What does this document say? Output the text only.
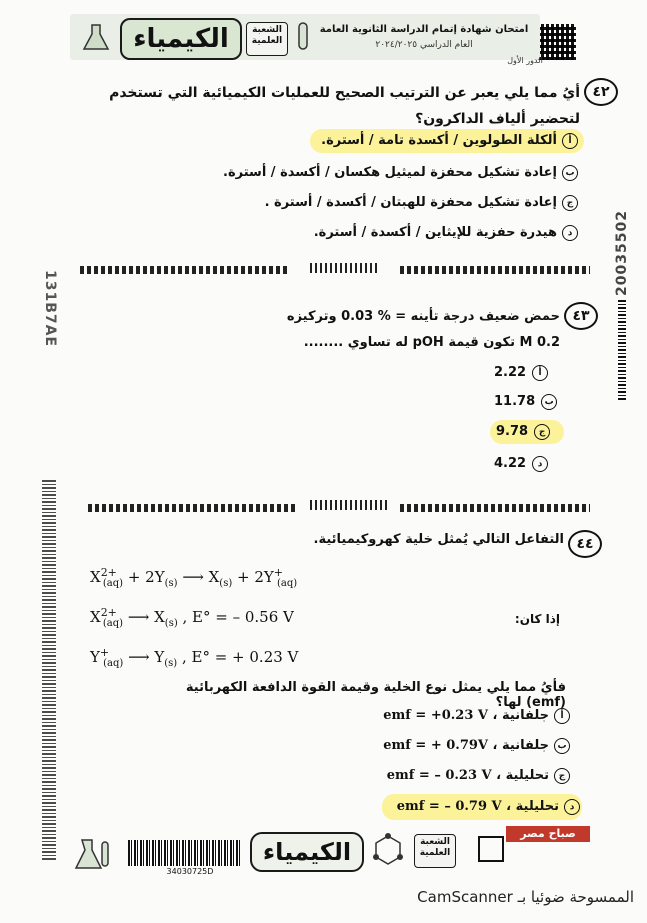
الكيمياء	الشعبة
العلمية
امتحان شهادة إتمام الدراسة الثانوية العامة
العام الدراسي ٢٠٢٤/٢٠٢٥
الدور الأول
131B7AE
20035502
٤٢
أيُ مما يلي يعبر عن الترتيب الصحيح للعمليات الكيميائية التي تستخدم لتحضير ألياف الداكرون؟
أألكلة الطولوين / أكسدة تامة / أسترة.
بإعادة تشكيل محفزة لميثيل هكسان / أكسدة / أسترة.
جإعادة تشكيل محفزة للهبتان / أكسدة / أسترة .
دهيدرة حفزية للإيثاين / أكسدة / أسترة.
٤٣
حمض ضعيف درجة تأينه = % 0.03 وتركيزه 0.2 M تكون قيمة pOH له تساوي ........
2.22 أ
11.78 ب
9.78 ج
4.22 د
٤٤
التفاعل التالي يُمثل خلية كهروكيميائية.
$X^{2+}_{(aq)} + 2Y_{(s)}$ ⟶ $X_{(s)} + 2Y^+_{(aq)}$
$X^{2+}_{(aq)}$ ⟶ $X_{(s)}$ , E° = – 0.56 V
$Y^+_{(aq)}$ ⟶ $Y_{(s)}$ , E° = + 0.23 V
إذا كان:
فأيُ مما يلي يمثل نوع الخلية وقيمة القوة الدافعة الكهربائية (emf) لها؟
أجلفانية ، emf = +0.23 V
بجلفانية ، emf = + 0.79V
جتحليلية ، emf = – 0.23 V
دتحليلية ، emf = – 0.79 V
34030725D
الكيمياء	الشعبة
العلمية
صباح مصر
الممسوحة ضوئيا بـ CamScanner
